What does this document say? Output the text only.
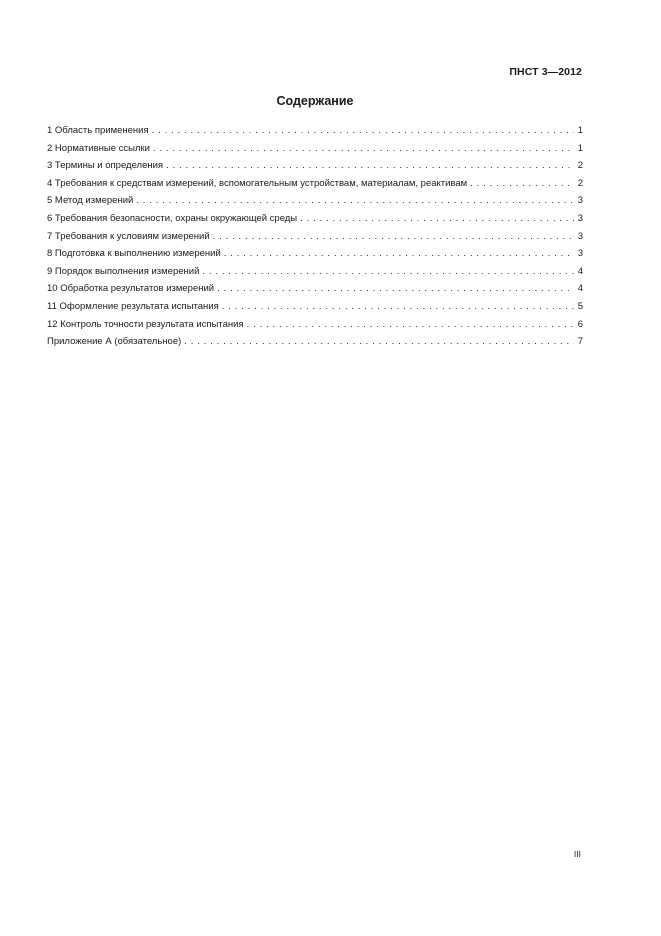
ПНСТ 3—2012
Содержание
1 Область применения . . .	1
2 Нормативные ссылки . . .	1
3 Термины и определения . . .	2
4 Требования к средствам измерений, вспомогательным устройствам, материалам, реактивам . . .	2
5 Метод измерений . . .	3
6 Требования безопасности, охраны окружающей среды . . .	3
7 Требования к условиям измерений . . .	3
8 Подготовка к выполнению измерений . . .	3
9 Порядок выполнения измерений . . .	4
10 Обработка результатов измерений . . .	4
11 Оформление результата испытания . . .	5
12 Контроль точности результата испытания . . .	6
Приложение А (обязательное) . . .	7
III
